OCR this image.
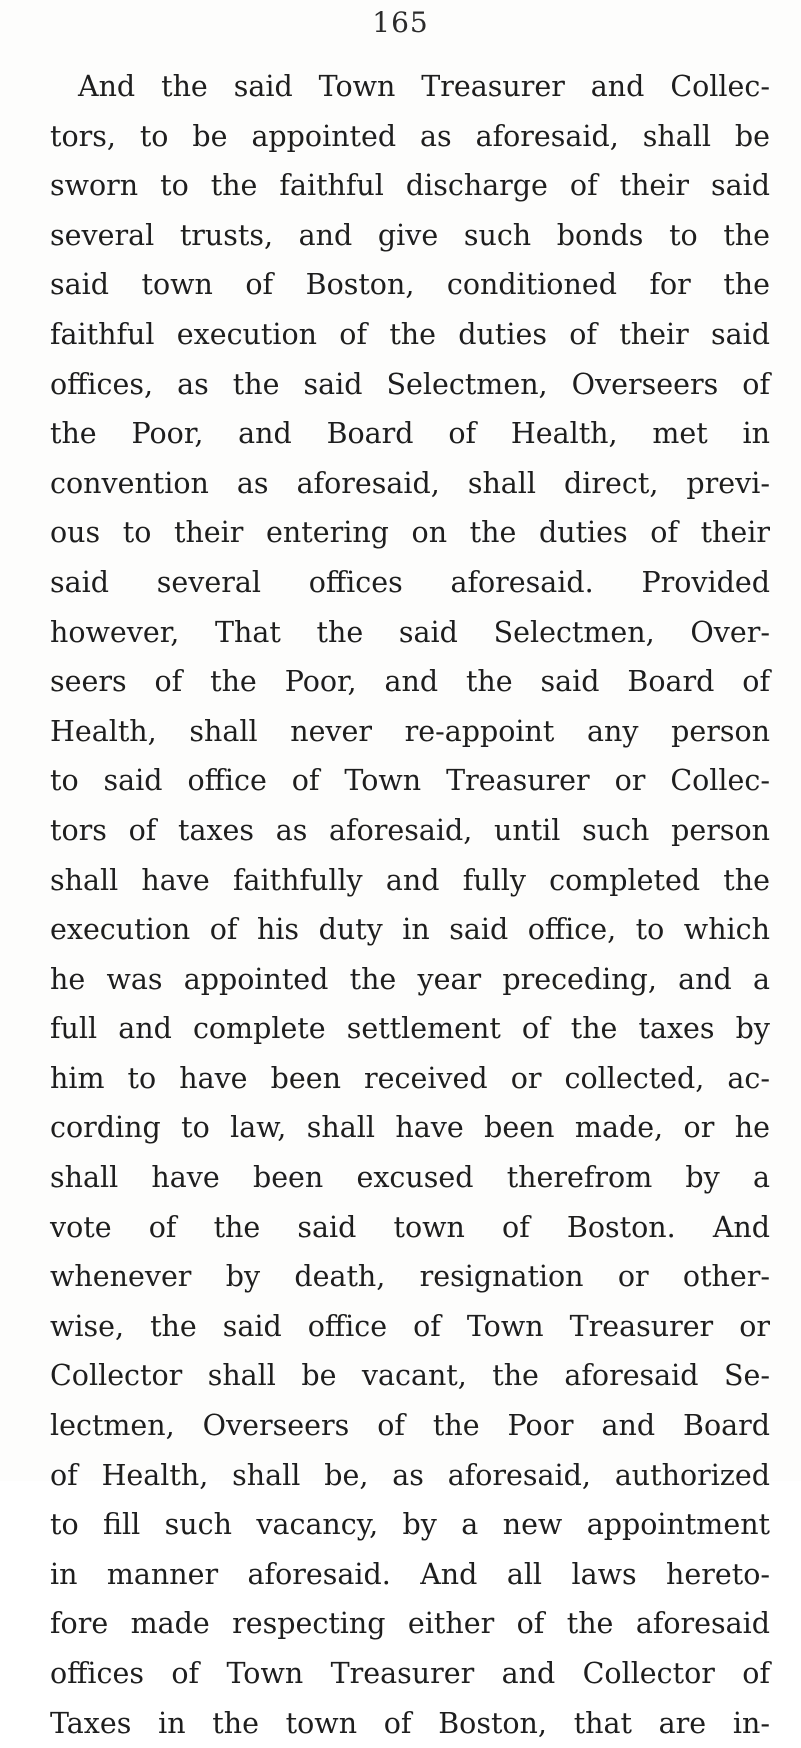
165
And the said Town Treasurer and Collec-
tors, to be appointed as aforesaid, shall be
sworn to the faithful discharge of their said
several trusts, and give such bonds to the
said town of Boston, conditioned for the
faithful execution of the duties of their said
offices, as the said Selectmen, Overseers of
the Poor, and Board of Health, met in
convention as aforesaid, shall direct, previ-
ous to their entering on the duties of their
said several offices aforesaid. Provided
however, That the said Selectmen, Over-
seers of the Poor, and the said Board of
Health, shall never re-appoint any person
to said office of Town Treasurer or Collec-
tors of taxes as aforesaid, until such person
shall have faithfully and fully completed the
execution of his duty in said office, to which
he was appointed the year preceding, and a
full and complete settlement of the taxes by
him to have been received or collected, ac-
cording to law, shall have been made, or he
shall have been excused therefrom by a
vote of the said town of Boston. And
whenever by death, resignation or other-
wise, the said office of Town Treasurer or
Collector shall be vacant, the aforesaid Se-
lectmen, Overseers of the Poor and Board
of Health, shall be, as aforesaid, authorized
to fill such vacancy, by a new appointment
in manner aforesaid. And all laws hereto-
fore made respecting either of the aforesaid
offices of Town Treasurer and Collector of
Taxes in the town of Boston, that are in-
